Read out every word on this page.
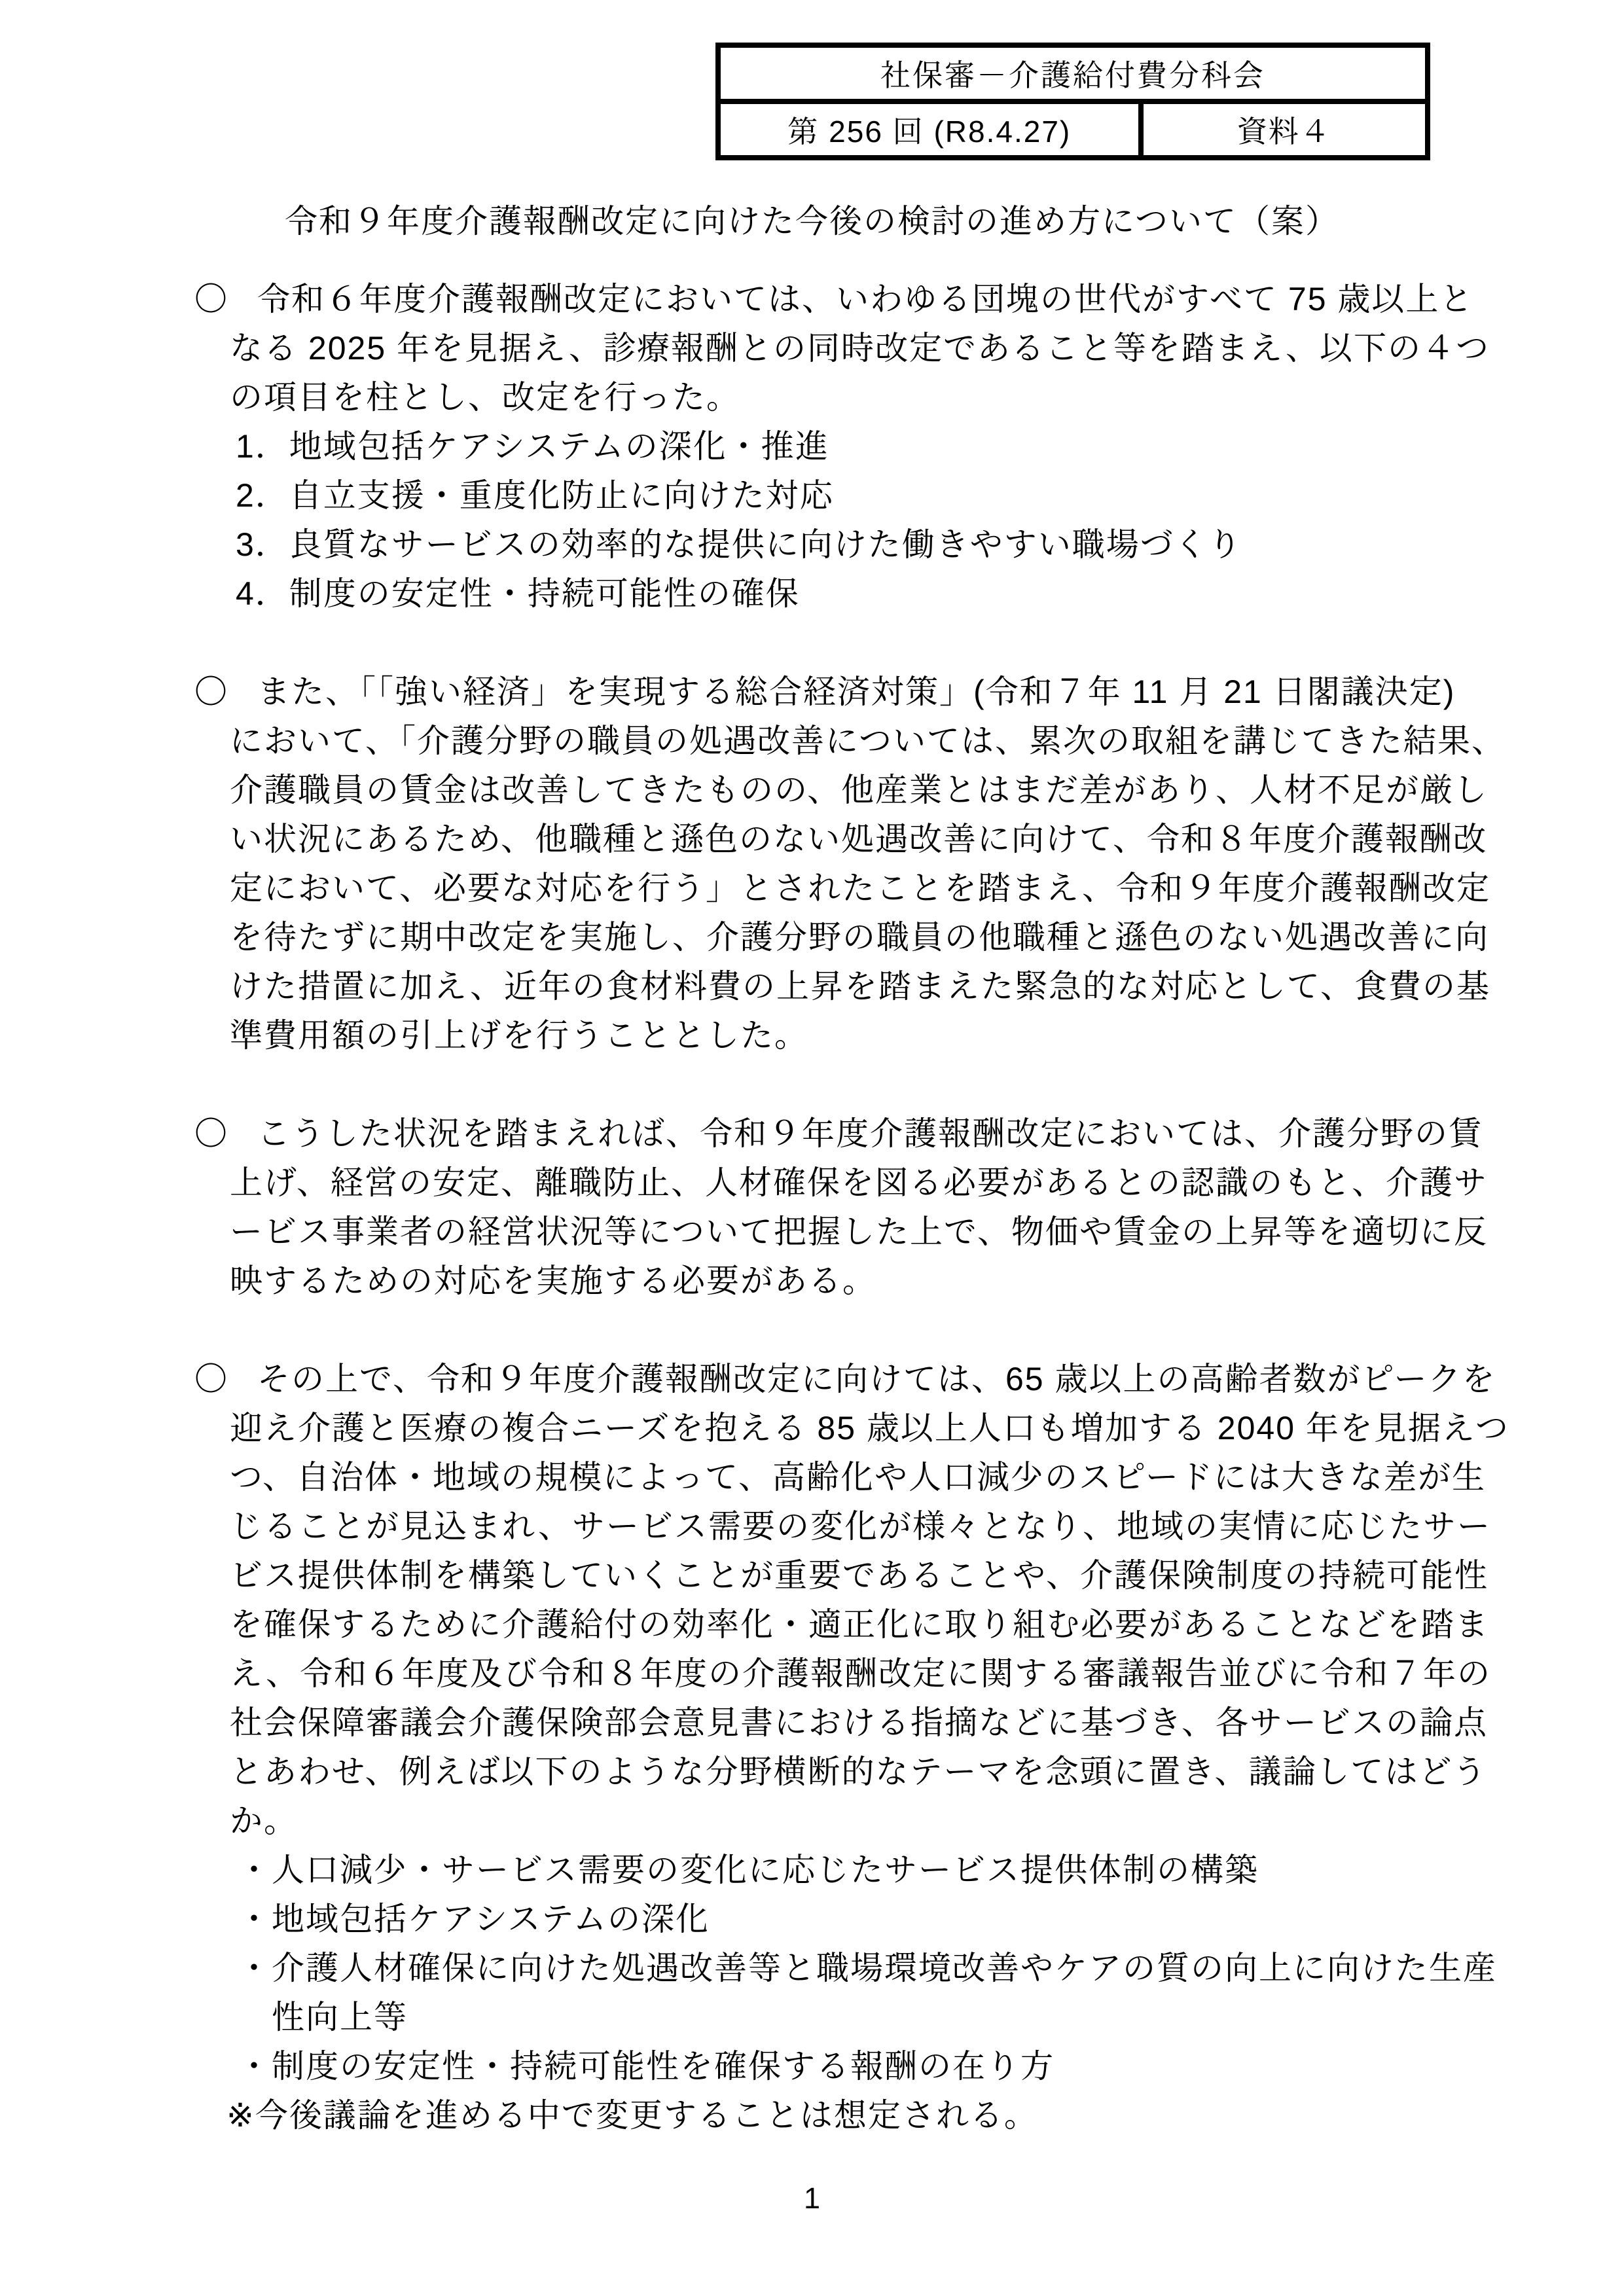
社保審－介護給付費分科会
第 256 回 (R8.4.27)	資料４
令和９年度介護報酬改定に向けた今後の検討の進め方について（案）
〇 令和６年度介護報酬改定においては、いわゆる団塊の世代がすべて 75 歳以上と
なる 2025 年を見据え、診療報酬との同時改定であること等を踏まえ、以下の４つ
の項目を柱とし、改定を行った。
1．地域包括ケアシステムの深化・推進
2．自立支援・重度化防止に向けた対応
3．良質なサービスの効率的な提供に向けた働きやすい職場づくり
4．制度の安定性・持続可能性の確保
〇 また、「「強い経済」を実現する総合経済対策」(令和７年 11 月 21 日閣議決定)
において、「介護分野の職員の処遇改善については、累次の取組を講じてきた結果、
介護職員の賃金は改善してきたものの、他産業とはまだ差があり、人材不足が厳し
い状況にあるため、他職種と遜色のない処遇改善に向けて、令和８年度介護報酬改
定において、必要な対応を行う」とされたことを踏まえ、令和９年度介護報酬改定
を待たずに期中改定を実施し、介護分野の職員の他職種と遜色のない処遇改善に向
けた措置に加え、近年の食材料費の上昇を踏まえた緊急的な対応として、食費の基
準費用額の引上げを行うこととした。
〇 こうした状況を踏まえれば、令和９年度介護報酬改定においては、介護分野の賃
上げ、経営の安定、離職防止、人材確保を図る必要があるとの認識のもと、介護サ
ービス事業者の経営状況等について把握した上で、物価や賃金の上昇等を適切に反
映するための対応を実施する必要がある。
〇 その上で、令和９年度介護報酬改定に向けては、65 歳以上の高齢者数がピークを
迎え介護と医療の複合ニーズを抱える 85 歳以上人口も増加する 2040 年を見据えつ
つ、自治体・地域の規模によって、高齢化や人口減少のスピードには大きな差が生
じることが見込まれ、サービス需要の変化が様々となり、地域の実情に応じたサー
ビス提供体制を構築していくことが重要であることや、介護保険制度の持続可能性
を確保するために介護給付の効率化・適正化に取り組む必要があることなどを踏ま
え、令和６年度及び令和８年度の介護報酬改定に関する審議報告並びに令和７年の
社会保障審議会介護保険部会意見書における指摘などに基づき、各サービスの論点
とあわせ、例えば以下のような分野横断的なテーマを念頭に置き、議論してはどう
か。
・人口減少・サービス需要の変化に応じたサービス提供体制の構築
・地域包括ケアシステムの深化
・介護人材確保に向けた処遇改善等と職場環境改善やケアの質の向上に向けた生産
　性向上等
・制度の安定性・持続可能性を確保する報酬の在り方
※今後議論を進める中で変更することは想定される。
1
